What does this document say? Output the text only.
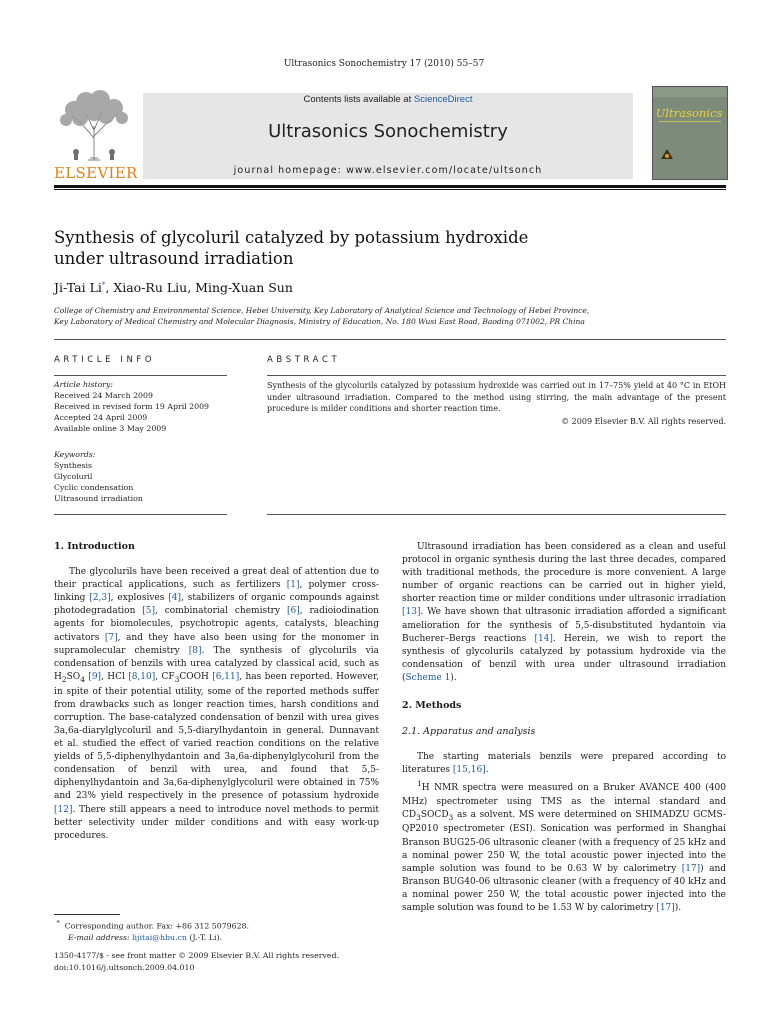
Ultrasonics Sonochemistry 17 (2010) 55–57
ELSEVIER
Contents lists available at ScienceDirect
Ultrasonics Sonochemistry
journal homepage: www.elsevier.com/locate/ultsonch
Ultrasonics
Synthesis of glycoluril catalyzed by potassium hydroxide
under ultrasound irradiation
Ji-Tai Li*, Xiao-Ru Liu, Ming-Xuan Sun
College of Chemistry and Environmental Science, Hebei University, Key Laboratory of Analytical Science and Technology of Hebei Province,
Key Laboratory of Medical Chemistry and Molecular Diagnosis, Ministry of Education, No. 180 Wusi East Road, Baoding 071002, PR China
ARTICLE INFO	ABSTRACT
Article history:
Received 24 March 2009
Received in revised form 19 April 2009
Accepted 24 April 2009
Available online 3 May 2009
Keywords:
Synthesis
Glycoluril
Cyclic condensation
Ultrasound irradiation
Synthesis of the glycolurils catalyzed by potassium hydroxide was carried out in 17–75% yield at 40 °C in EtOH under ultrasound irradiation. Compared to the method using stirring, the main advantage of the present procedure is milder conditions and shorter reaction time.
© 2009 Elsevier B.V. All rights reserved.
1. Introduction

The glycolurils have been received a great deal of attention due to their practical applications, such as fertilizers [1], polymer cross-linking [2,3], explosives [4], stabilizers of organic compounds against photodegradation [5], combinatorial chemistry [6], radioiodination agents for biomolecules, psychotropic agents, catalysts, bleaching activators [7], and they have also been using for the monomer in supramolecular chemistry [8]. The synthesis of glycolurils via condensation of benzils with urea catalyzed by classical acid, such as $H_2SO_4$ [9], HCl [8,10], $CF_3COOH$ [6,11], has been reported. However, in spite of their potential utility, some of the reported methods suffer from drawbacks such as longer reaction times, harsh conditions and corruption. The base-catalyzed condensation of benzil with urea gives 3a,6a-diarylglycoluril and 5,5-diarylhydantoin in general. Dunnavant et al. studied the effect of varied reaction conditions on the relative yields of 5,5-diphenylhydantoin and 3a,6a-diphenylglycoluril from the condensation of benzil with urea, and found that 5,5-diphenylhydantoin and 3a,6a-diphenylglycoluril were obtained in 75% and 23% yield respectively in the presence of potassium hydroxide [12]. There still appears a need to introduce novel methods to permit better selectivity under milder conditions and with easy work-up procedures.

Ultrasound irradiation has been considered as a clean and useful protocol in organic synthesis during the last three decades, compared with traditional methods, the procedure is more convenient. A large number of organic reactions can be carried out in higher yield, shorter reaction time or milder conditions under ultrasonic irradiation [13]. We have shown that ultrasonic irradiation afforded a significant amelioration for the synthesis of 5,5-disubstituted hydantoin via Bucherer–Bergs reactions [14]. Herein, we wish to report the synthesis of glycolurils catalyzed by potassium hydroxide via the condensation of benzil with urea under ultrasound irradiation (Scheme 1).

2. Methods
2.1. Apparatus and analysis

The starting materials benzils were prepared according to literatures [15,16].

$^1$H NMR spectra were measured on a Bruker AVANCE 400 (400 MHz) spectrometer using TMS as the internal standard and $CD_3SOCD_3$ as a solvent. MS were determined on SHIMADZU GCMS-QP2010 spectrometer (ESI). Sonication was performed in Shanghai Branson BUG25-06 ultrasonic cleaner (with a frequency of 25 kHz and a nominal power 250 W, the total acoustic power injected into the sample solution was found to be 0.63 W by calorimetry [17]) and Branson BUG40-06 ultrasonic cleaner (with a frequency of 40 kHz and a nominal power 250 W, the total acoustic power injected into the sample solution was found to be 1.53 W by calorimetry [17]).

* Corresponding author. Fax: +86 312 5079628.
E-mail address: lijitai@hbu.cn (J.-T. Li).
1350-4177/$ - see front matter © 2009 Elsevier B.V. All rights reserved.
doi:10.1016/j.ultsonch.2009.04.010
